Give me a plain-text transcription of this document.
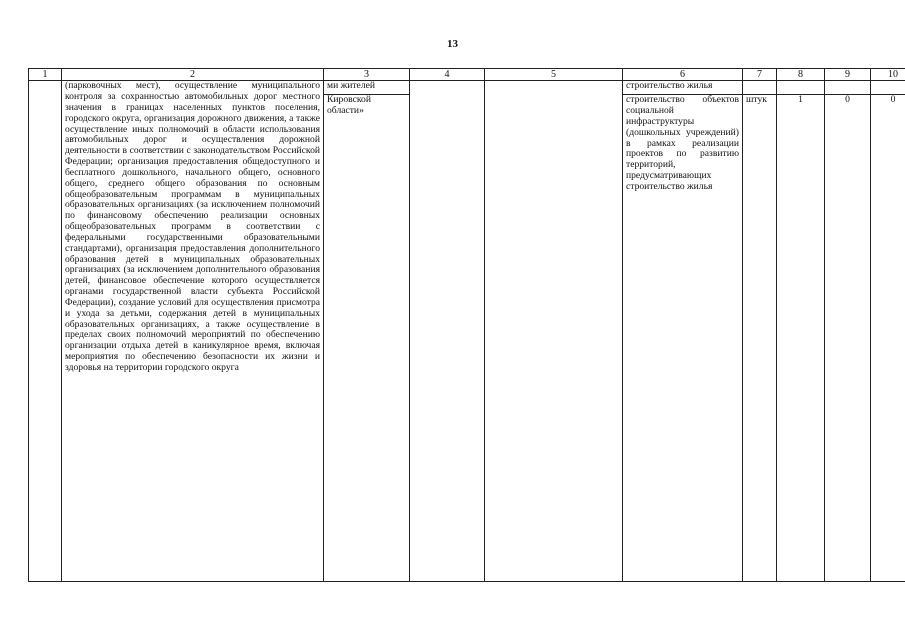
13
1	2	3	4	5	6	7	8	9	10
	(парковочных мест), осуществление муниципального контроля за сохранностью автомобильных дорог местного значения в границах населенных пунктов поселения, городского округа, организация дорожного движения, а также осуществление иных полномочий в области использования автомобильных дорог и осуществления дорожной деятельности в соответствии с законодательством Российской Федерации; организация предоставления общедоступного и бесплатного дошкольного, начального общего, основного общего, среднего общего образования по основным общеобразовательным программам в муниципальных образовательных организациях (за исключением полномочий по финансовому обеспечению реализации основных общеобразовательных программ в соответствии с федеральными государственными образовательными стандартами), организация предоставления дополнительного образования детей в муниципальных образовательных организациях (за исключением дополнительного образования детей, финансовое обеспечение которого осуществляется органами государственной власти субъекта Российской Федерации), создание условий для осуществления присмотра и ухода за детьми, содержания детей в муниципальных образовательных организациях, а также осуществление в пределах своих полномочий мероприятий по обеспечению организации отдыха детей в каникулярное время, включая мероприятия по обеспечению безопасности их жизни и здоровья на территории городского округа	ми жителей			строительство жилья				
		Кировской области»			строительство объектов социальной инфраструктуры (дошкольных учреждений) в рамках реализации проектов по развитию территорий, предусматривающих строительство жилья	штук	1	0	0
